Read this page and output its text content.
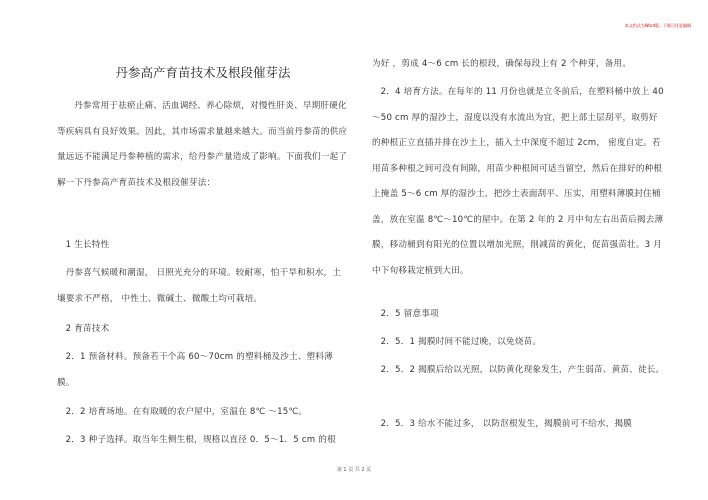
本文档式为Word版，下载可任意编辑
丹参高产育苗技术及根段催芽法

丹参常用于祛瘀止痛、活血调经、养心除烦，对慢性肝炎、早期肝硬化等疾病具有良好效果。因此，其市场需求量越来越大。而当前丹参苗的供应量远远不能满足丹参种植的需求，给丹参产量造成了影响。下面我们一起了解一下丹参高产育苗技术及根段催芽法：

1 生长特性

丹参喜气候暖和潮湿， 日照光充分的环境。较耐寒，怕干旱和积水，土壤要求不严格， 中性土、微碱土、微酸土均可栽培。

2 育苗技术

2．1 预备材料。预备若干个高 60～70cm 的塑料桶及沙土、塑料薄膜。

2．2 培育场地。在有取暖的农户屋中，室温在 8℃ ～15℃。

2．3 种子选择。取当年生侧生根，规格以直径 0．5～1．5 cm 的根

为好 ，剪成 4～6 cm 长的根段，确保每段上有 2 个种芽，备用。

2．4 培育方法。在每年的 11 月份也就是立冬前后，在塑料桶中放上 40～50 cm 厚的湿沙土，湿度以没有水流出为宜，把上部土层刮平，取剪好的种根正立直插并排在沙土上，插入土中深度不超过 2cm， 密度自定。若用苗多种根之间可没有间隙，用苗少种根间可适当留空，然后在排好的种根上掩盖 5～6 cm 厚的湿沙土，把沙土表面刮平、压实，用塑料薄膜封住桶盖，放在室温 8℃～10℃的屋中。在第 2 年的 2 月中旬左右出苗后揭去薄膜，移动桶到有阳光的位置以增加光照，削减苗的黄化，促苗强苗壮。3 月中下旬移栽定植到大田。

2．5 留意事项

2．5．1 揭膜时间不能过晚，以免烧苗。

2．5．2 揭膜后给以光照，以防黄化现象发生，产生弱苗、黄苗、徒长。

2．5．3 给水不能过多， 以防沤根发生，揭膜前可不给水，揭膜

第 1 页 共 2 页
